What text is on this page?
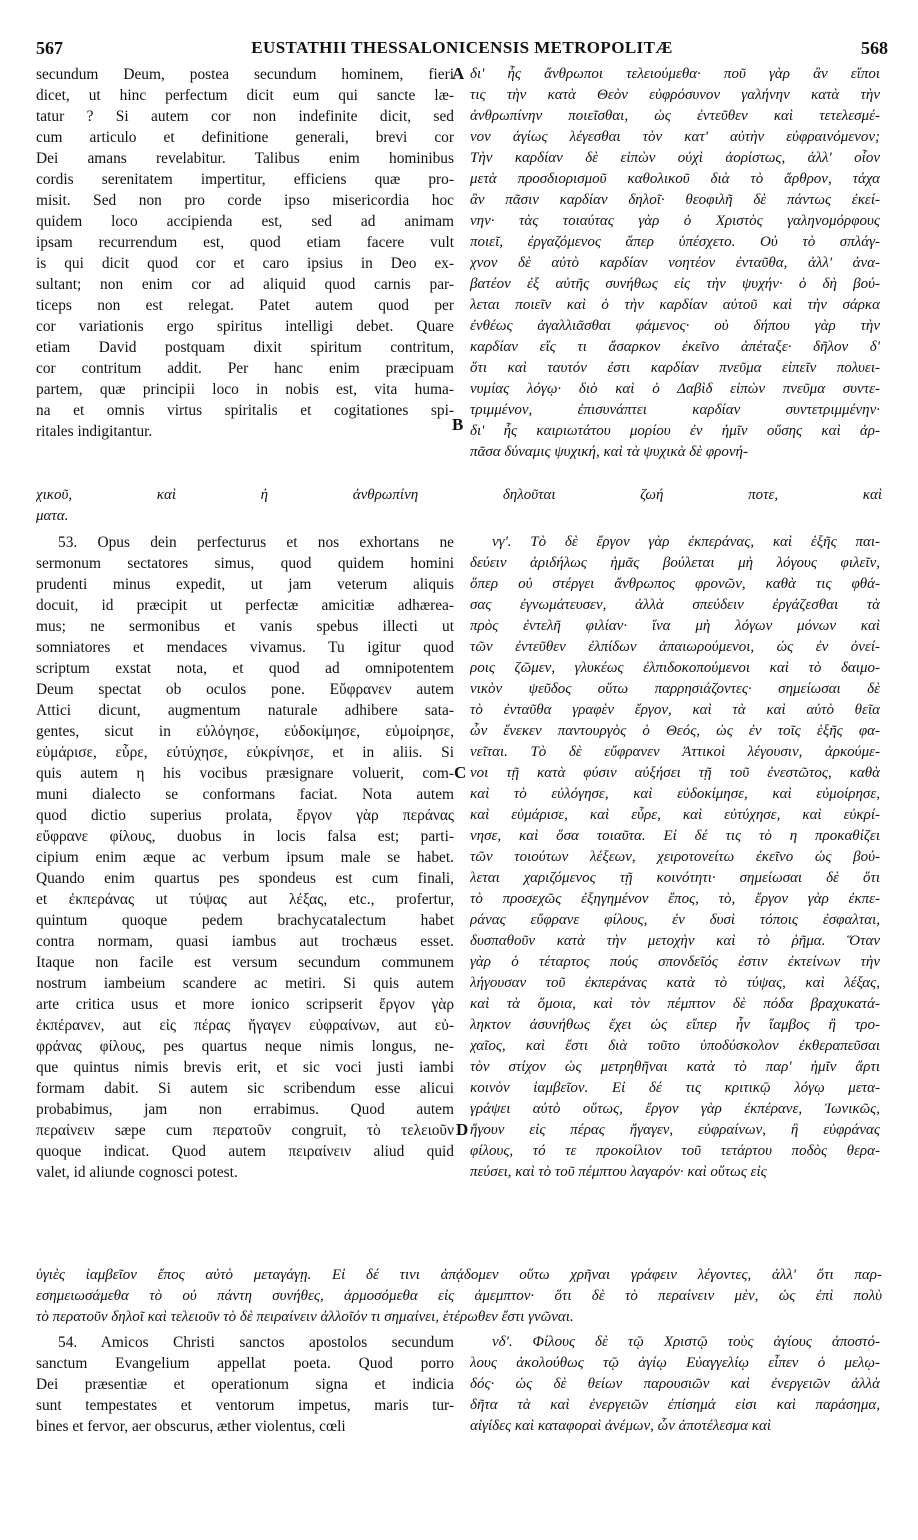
567	EUSTATHII THESSALONICENSIS METROPOLITÆ	568
secundum Deum, postea secundum hominem, fieri
dicet, ut hinc perfectum dicit eum qui sancte læ-
tatur ? Si autem cor non indefinite dicit, sed
cum articulo et definitione generali, brevi cor
Dei amans revelabitur. Talibus enim hominibus
cordis serenitatem impertitur, efficiens quæ pro-
misit. Sed non pro corde ipso misericordia hoc
quidem loco accipienda est, sed ad animam
ipsam recurrendum est, quod etiam facere vult
is qui dicit quod cor et caro ipsius in Deo ex-
sultant; non enim cor ad aliquid quod carnis par-
ticeps non est relegat. Patet autem quod per
cor variationis ergo spiritus intelligi debet. Quare
etiam David postquam dixit spiritum contritum,
cor contritum addit. Per hanc enim præcipuam
partem, quæ principii loco in nobis est, vita huma-
na et omnis virtus spiritalis et cogitationes spi-
ritales indigitantur.
δι' ἧς ἄνθρωποι τελειούμεθα· ποῦ γὰρ ἂν εἴποι
τις τὴν κατὰ Θεὸν εὐφρόσυνον γαλήνην κατὰ τὴν
ἀνθρωπίνην ποιεῖσθαι, ὡς ἐντεῦθεν καὶ τετελεσμέ-
νον ἁγίως λέγεσθαι τὸν κατ' αὐτὴν εὐφραινόμενον;
Τὴν καρδίαν δὲ εἰπὼν οὐχὶ ἀορίστως, ἀλλ' οἷον
μετὰ προσδιορισμοῦ καθολικοῦ διὰ τὸ ἄρθρον, τάχα
ἂν πᾶσιν καρδίαν δηλοῖ· θεοφιλῆ δὲ πάντως ἐκεί-
νην· τὰς τοιαύτας γὰρ ὁ Χριστὸς γαληνομόρφους
ποιεῖ, ἐργαζόμενος ἅπερ ὑπέσχετο. Οὐ τὸ σπλάγ-
χνον δὲ αὐτὸ καρδίαν νοητέον ἐνταῦθα, ἀλλ' ἀνα-
βατέον ἐξ αὐτῆς συνήθως εἰς τὴν ψυχήν· ὁ δὴ βού-
λεται ποιεῖν καὶ ὁ τὴν καρδίαν αὐτοῦ καὶ τὴν σάρκα
ἐνθέως ἀγαλλιᾶσθαι φάμενος· οὐ δήπου γὰρ τὴν
καρδίαν εἴς τι ἄσαρκον ἐκεῖνο ἀπέταξε· δῆλον δ'
ὅτι καὶ ταυτόν ἐστι καρδίαν πνεῦμα εἰπεῖν πολυει-
νυμίας λόγῳ· διὸ καὶ ὁ Δαβὶδ εἰπὼν πνεῦμα συντε-
τριμμένον, ἐπισυνάπτει καρδίαν συντετριμμένην·
δι' ἧς καιριωτάτου μορίου ἐν ἡμῖν οὔσης καὶ ἀρ-
πᾶσα δύναμις ψυχική, καὶ τὰ ψυχικὰ δὲ φρονή-
χικοῦ, καὶ ἡ ἀνθρωπίνη δηλοῦται ζωή ποτε, καὶ
ματα.
53. Opus dein perfecturus et nos exhortans ne
sermonum sectatores simus, quod quidem homini
prudenti minus expedit, ut jam veterum aliquis
docuit, id præcipit ut perfectæ amicitiæ adhærea-
mus; ne sermonibus et vanis spebus illecti ut
somniatores et mendaces vivamus. Tu igitur quod
scriptum exstat nota, et quod ad omnipotentem
Deum spectat ob oculos pone. Εὔφρανεν autem
Attici dicunt, augmentum naturale adhibere sata-
gentes, sicut in εὐλόγησε, εὐδοκίμησε, εὐμοίρησε,
εὐμάρισε, εὗρε, εὐτύχησε, εὐκρίνησε, et in aliis. Si
quis autem η his vocibus præsignare voluerit, com-
muni dialecto se conformans faciat. Nota autem
quod dictio superius prolata, ἔργον γὰρ περάνας
εὔφρανε φίλους, duobus in locis falsa est; parti-
cipium enim æque ac verbum ipsum male se habet.
Quando enim quartus pes spondeus est cum finali,
et ἐκπεράνας ut τύψας aut λέξας, etc., profertur,
quintum quoque pedem brachycatalectum habet
contra normam, quasi iambus aut trochæus esset.
Itaque non facile est versum secundum communem
nostrum iambeium scandere ac metiri. Si quis autem
arte critica usus et more ionico scripserit ἔργον γὰρ
ἐκπέρανεν, aut εἰς πέρας ἤγαγεν εὐφραίνων, aut εὐ-
φράνας φίλους, pes quartus neque nimis longus, ne-
que quintus nimis brevis erit, et sic voci justi iambi
formam dabit. Si autem sic scribendum esse alicui
probabimus, jam non errabimus. Quod autem
περαίνειν sæpe cum περατοῦν congruit, τὸ τελειοῦν
quoque indicat. Quod autem πειραίνειν aliud quid
valet, id aliunde cognosci potest.
νγʹ. Τὸ δὲ ἔργον γὰρ ἐκπεράνας, καὶ ἑξῆς παι-
δεύειν ἀριδήλως ἡμᾶς βούλεται μὴ λόγους φιλεῖν,
ὅπερ οὐ στέργει ἄνθρωπος φρονῶν, καθὰ τις φθά-
σας ἐγνωμάτευσεν, ἀλλὰ σπεύδειν ἐργάζεσθαι τὰ
πρὸς ἐντελῆ φιλίαν· ἵνα μὴ λόγων μόνων καὶ
τῶν ἐντεῦθεν ἐλπίδων ἀπαιωρούμενοι, ὡς ἐν ὀνεί-
ροις ζῶμεν, γλυκέως ἐλπιδοκοπούμενοι καὶ τὸ δαιμο-
νικὸν ψεῦδος οὕτω παρρησιάζοντες· σημείωσαι δὲ
τὸ ἐνταῦθα γραφὲν ἔργον, καὶ τὰ καὶ αὐτὸ θεῖα
ὧν ἕνεκεν παντουργὸς ὁ Θεός, ὡς ἐν τοῖς ἑξῆς φα-
νεῖται. Τὸ δὲ εὔφρανεν Ἀττικοὶ λέγουσιν, ἀρκούμε-
νοι τῇ κατὰ φύσιν αὐξήσει τῇ τοῦ ἐνεστῶτος, καθὰ
καὶ τὸ εὐλόγησε, καὶ εὐδοκίμησε, καὶ εὐμοίρησε,
καὶ εὐμάρισε, καὶ εὗρε, καὶ εὐτύχησε, καὶ εὐκρί-
νησε, καὶ ὅσα τοιαῦτα. Εἰ δέ τις τὸ η προκαθίζει
τῶν τοιούτων λέξεων, χειροτονείτω ἐκεῖνο ὡς βού-
λεται χαριζόμενος τῇ κοινότητι· σημείωσαι δὲ ὅτι
τὸ προσεχῶς ἐξηγημένον ἔπος, τὸ, ἔργον γὰρ ἐκπε-
ράνας εὔφρανε φίλους, ἐν δυσὶ τόποις ἐσφαλται,
δυσπαθοῦν κατὰ τὴν μετοχὴν καὶ τὸ ῥῆμα. Ὅταν
γὰρ ὁ τέταρτος πούς σπονδεῖός ἐστιν ἐκτείνων τὴν
λήγουσαν τοῦ ἐκπεράνας κατὰ τὸ τύψας, καὶ λέξας,
καὶ τὰ ὅμοια, καὶ τὸν πέμπτον δὲ πόδα βραχυκατά-
ληκτον ἀσυνήθως ἔχει ὡς εἴπερ ἦν ἴαμβος ἢ τρο-
χαῖος, καὶ ἔστι διὰ τοῦτο ὑποδύσκολον ἐκθεραπεῦσαι
τὸν στίχον ὡς μετρηθῆναι κατὰ τὸ παρ' ἡμῖν ἄρτι
κοινὸν ἰαμβεῖον. Εἰ δέ τις κριτικῷ λόγῳ μετα-
γράψει αὐτὸ οὕτως, ἔργον γὰρ ἐκπέρανε, Ἰωνικῶς,
ἤγουν εἰς πέρας ἤγαγεν, εὐφραίνων, ἢ εὐφράνας
φίλους, τό τε προκοίλιον τοῦ τετάρτου ποδὸς θερα-
πεύσει, καὶ τὸ τοῦ πέμπτου λαγαρόν· καὶ οὕτως εἰς
ὑγιὲς ἰαμβεῖον ἔπος αὐτὸ μεταγάγῃ. Εἰ δέ τινι ἀπᾴδομεν οὕτω χρῆναι γράφειν λέγοντες, ἀλλ' ὅτι παρ-
εσημειωσάμεθα τὸ οὐ πάντη συνήθες, ἁρμοσόμεθα εἰς ἀμεμπτον· ὅτι δὲ τὸ περαίνειν μὲν, ὡς ἐπὶ πολὺ
τὸ περατοῦν δηλοῖ καὶ τελειοῦν τὸ δὲ πειραίνειν ἀλλοῖόν τι σημαίνει, ἑτέρωθεν ἔστι γνῶναι.
54. Amicos Christi sanctos apostolos secundum
sanctum Evangelium appellat poeta. Quod porro
Dei præsentiæ et operationum signa et indicia
sunt tempestates et ventorum impetus, maris tur-
bines et fervor, aer obscurus, æther violentus, cœli
νδʹ. Φίλους δὲ τῷ Χριστῷ τοὺς ἁγίους ἀποστό-
λους ἀκολούθως τῷ ἁγίῳ Εὐαγγελίῳ εἶπεν ὁ μελῳ-
δός· ὡς δὲ θείων παρουσιῶν καὶ ἐνεργειῶν ἀλλὰ
δῆτα τὰ καὶ ἐνεργειῶν ἐπίσημά εἰσι καὶ παράσημα,
αἰγίδες καὶ καταφοραὶ ἀνέμων, ὧν ἀποτέλεσμα καὶ
A
B
C
D
